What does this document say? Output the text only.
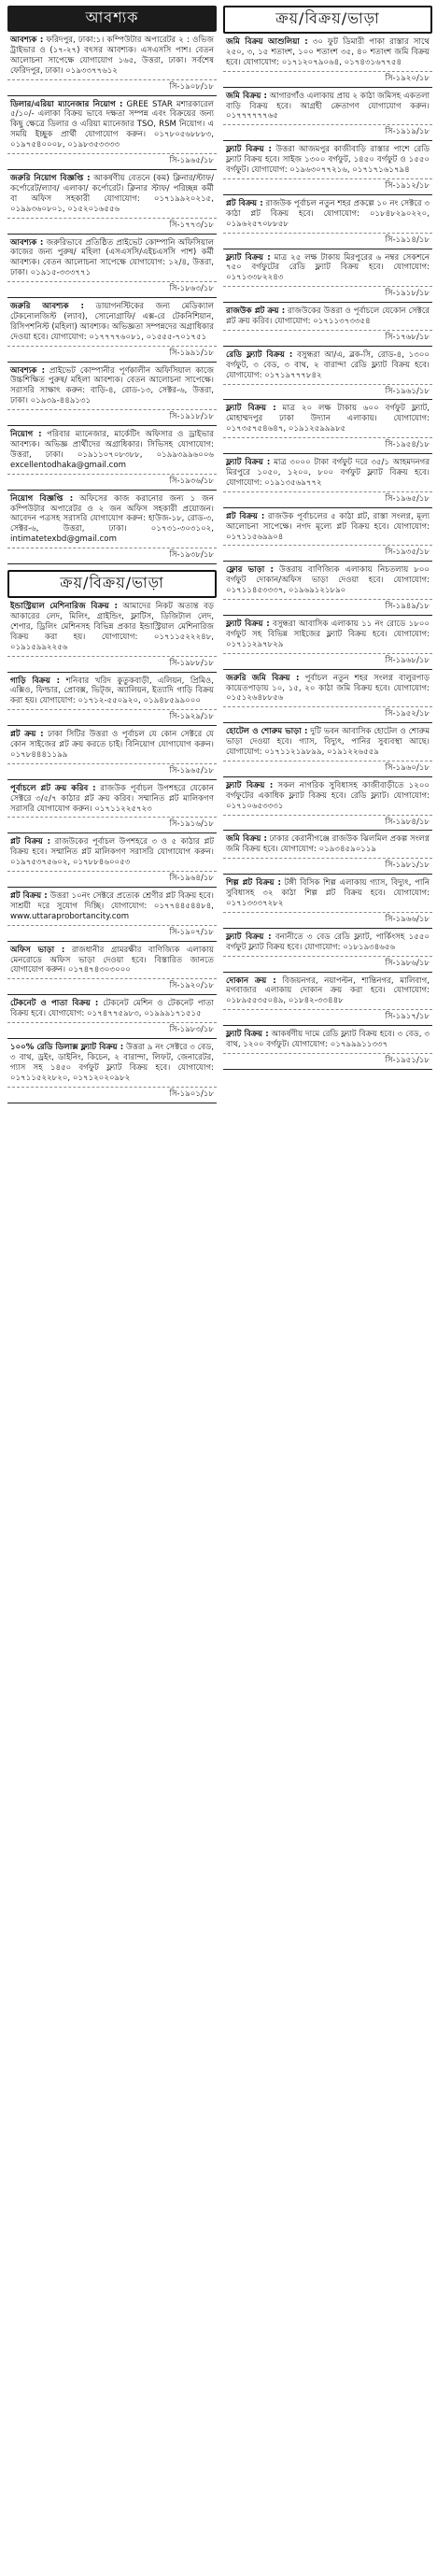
আবশ্যক
আবশ্যক : ফরিদপুর, ঢাকা:১। কম্পিউটার অপারেটর ২ : ওভিজ ট্রাইভার ও (১৭-২৭) বৎসর আবশ্যক। এসএসসি পাশ। বেতন আলোচনা সাপেক্ষে যোগাযোগ ১৬৫, উত্তরা, ঢাকা। সর্বশেষ ফেরিদপুর, ঢাকা। ০১৯৩৩৭৭৬১২
সি-১৯০৮/১৮
ডিলার/এরিয়া ম্যানেজার নিয়োগ : GREE STAR মশারকারেল ৫/১০/- এলাকা বিক্রয় ভাবে দক্ষতা সম্পন্ন এবং বিক্রয়ের জন্য কিছু ক্ষেত্রে ডিলার ও এরিয়া ম্যানেজার TSO, RSM নিয়োগ। এ সময়ি ইচ্ছুক প্রার্থী যোগাযোগ করুন। ০১৭৮০৫৬৮৮৮৩, ০১৯৭৫৪০০০৮, ০১৯৮৩৫৩৩৩৩
সি-১৯৬৫/১৮
জরুরি নিয়োগ বিজ্ঞপ্তি : আকর্ষণীয় বেতনে (কম) ক্লিনার/স্টাফ/কর্পোরেট/ল্যাব/ এলাকা/ কর্পোরেট। ক্লিনার স্টাফ/ পরিচ্ছন্ন কর্মী বা অফিস সহকারী যোগাযোগ: ০১৭১৯৯২০২১৫, ০১৯৯৩৬০৮০১, ০১৫২০১৬৫৫৬
সি-১৭৭৩/১৮
আবশ্যক : জরুরিভাবে প্রতিষ্ঠিত প্রাইভেট কোম্পানি অফিসিয়াল কাজের জন্য পুরুষ/ মহিলা (এসএসসি/এইচএসসি পাশ) কর্মী আবশ্যক। বেতন আলোচনা সাপেক্ষে যোগাযোগ: ১২/৪, উত্তরা, ঢাকা। ০১৯১৫-৩৩৩৭৭১
সি-১৮৬৩/১৮
জরুরি আবশ্যক : ডায়াগনস্টিকের জন্য মেডিক্যাল টেকনোলজিস্ট (ল্যাব), সোনোগ্রাফি/ এক্স-রে টেকনিশিয়ান, রিসিপশনিস্ট (মহিলা) আবশ্যক। অভিজ্ঞতা সম্পন্নদের অগ্রাধিকার দেওয়া হবে। যোগাযোগ: ০১৭৭৭৭৬০৮১, ০১৫৫৫-৭০১৭৫১
সি-১৯৯১/১৮
আবশ্যক : প্রাইভেট কোম্পানীর পূর্ণকালীন অফিসিয়াল কাজে উচ্চশিক্ষিত পুরুষ/ মহিলা আবশ্যক। বেতন আলোচনা সাপেক্ষে। সরাসরি সাক্ষাৎ করুন: বাড়ি-৪, রোড-১৩, সেক্টর-৬, উত্তরা, ঢাকা। ০১৯৩৯-৪৪৯১৩১
সি-১৯১৮/১৮
নিয়োগ : পরিবার ম্যানেজার, মার্কেটিং অফিসার ও ড্রাইভার আবশ্যক। অভিজ্ঞ প্রার্থীদের অগ্রাধিকার। সিভিসহ যোগাযোগ: উত্তরা, ঢাকা। ০১৯১১০৭০৮৩৮৮, ০১৯৯৩৯৯৬০০৬ excellentodhaka@gmail.com
সি-১৯৩৬/১৮
নিয়োগ বিজ্ঞপ্তি : অফিসের কাজ করানোর জন্য ১ জন কম্পিউটার অপারেটর ও ২ জন অফিস সহকারী প্রয়োজন। আবেদন পত্রসহ সরাসরি যোগাযোগ করুন: হাউজ-১৮, রোড-৩, সেক্টর-৬, উত্তরা, ঢাকা। ০১৭৩১-৩০৩১০২, intimatetexbd@gmail.com
সি-১৯৩৮/১৮
ক্রয়/বিক্রয়/ভাড়া
ইন্ডাস্ট্রিয়াল মেশিনারিজ বিক্রয় : আমাদের নিকট অত্যন্ত বড় আকারের লেদ, মিলিং, গ্রাইন্ডিং, ফ্লাটিস, ডিজিটাল লেদ, শেপার, ড্রিলিং মেশিনসহ বিভিন্ন প্রকার ইন্ডাস্ট্রিয়াল মেশিনারিজ বিক্রয় করা হয়। যোগাযোগ: ০১৭১১৫২২২৪৮, ০১৯১৫৯৯২২৫৬
সি-১৯৮৮/১৮
গাড়ি বিক্রয় : শনিবার খরিদ কুতুকবাড়ী, এলিয়ন, প্রিমিও, এক্সিও, ফিল্ডার, প্রোবক্স, ভিট্‌জ, অ্যালিয়ন, ইত্যাদি গাড়ি বিক্রয় করা হয়। যোগাযোগ: ০১৭১২-৫৫০৯২০, ০১৯৪৮৫৯৯০০০
সি-১৯২৯/১৮
প্লট ক্রয় : ঢাকা সিটির উত্তরা ও পূর্বাচল যে কোন সেক্টরে যে কোন সাইজের প্লট ক্রয় করতে চাই। বিনিয়োগ যোগাযোগ করুন। ০১৭৮৪৪৪১১৯৯
সি-১৯৬৫/১৮
পূর্বাচলে প্লট ক্রয় করিব : রাজউক পূর্বাচল উপশহরে যেকোন সেক্টরে ৩/৫/৭ কাঠার প্লট ক্রয় করিব। সম্মানিত প্লট মালিকগণ সরাসরি যোগাযোগ করুন। ০১৭১১২২৫৭২৩
সি-১৯১৬/১৮
প্লট বিক্রয় : রাজউকের পূর্বাচল উপশহরে ৩ ও ৫ কাঠার প্লট বিক্রয় হবে। সম্মানিত প্লট মালিকগণ সরাসরি যোগাযোগ করুন। ০১৯৭৫৩৭৫৬০২, ০১৭৮৮৪৬০০৫৩
সি-১৯৬৪/১৮
প্লট বিক্রয় : উত্তরা ১০নং সেক্টরে প্রত্যেক শ্রেণীর প্লট বিক্রয় হবে। সাশ্রয়ী দরে সুযোগ দিচ্ছি। যোগাযোগ: ০১৭৭৪৪৫৪৪৮৪, www.uttaraprobortancity.com
সি-১৯০৭/১৮
অফিস ভাড়া : রাজধানীর গ্রামরক্ষীর বাণিজ্যিক এলাকায় মেনরোডে অফিস ভাড়া দেওয়া হবে। বিস্তারিত জানতে যোগাযোগ করুন। ০১৭৪৭৪৩০৩০০০
সি-১৯২০/১৮
টেকনেট ও পাতা বিক্রয় : টেকনেট মেশিন ও টেকনেট পাতা বিক্রয় হবে। যোগাযোগ: ০১৭৪৭৭৫৯৮৩, ০১৯৯৯১৭১৫১৫
সি-১৯৮৩/১৮
১০০% রেডি ডিলাক্স ফ্ল্যাট বিক্রয় : উত্তরা ৯ নং সেক্টরে ৩ বেড, ৩ বাথ, ড্রইং, ডাইনিং, কিচেন, ২ বারান্দা, লিফট, জেনারেটর, গ্যাস সহ ১৪৫০ বর্গফুট ফ্ল্যাট বিক্রয় হবে। যোগাযোগ: ০১৭১১৫২২৮২০, ০১৭১২০২০৯৮২
সি-১৯০১/১৮
ক্রয়/বিক্রয়/ভাড়া
জমি বিক্রয় আশুলিয়া : ৩০ ফুট ডিমারী পাকা রাস্তার সাথে ২৫০, ৩, ১৫ শতাংশ, ১০০ শতাংশ ৩৫, ৪০ শতাংশ জমি বিক্রয় হবে। যোগাযোগ: ০১৭১২০৭৯০৬৪, ০১৭৪৩১৬৭৭৫৪
সি-১৯২০/১৮
জমি বিক্রয় : আগারগাঁও এলাকায় প্রায় ২ কাঠা জমিসহ একতলা বাড়ি বিক্রয় হবে। আগ্রহী ক্রেতাগণ যোগাযোগ করুন। ০১৭৭৭৭৭৭৬৫
সি-১৯১৯/১৮
ফ্ল্যাট বিক্রয় : উত্তরা আজমপুর কাজীবাড়ি রাস্তার পাশে রেডি ফ্ল্যাট বিক্রয় হবে। সাইজ ১৩০০ বর্গফুট, ১৪৫০ বর্গফুট ও ১৫৫০ বর্গফুট। যোগাযোগ: ০১৯৬৩০৭৭২১৬, ০১৭১৭১৬১৭৯৪
সি-১৯১২/১৮
প্লট বিক্রয় : রাজউক পূর্বাচল নতুন শহর প্রকল্পে ১০ নং সেক্টরে ৩ কাঠা প্লট বিক্রয় হবে। যোগাযোগ: ০১৮৪৮২৯০২২০, ০১৯৬২৫৭০৮৮৫৮
সি-১৯১৪/১৮
ফ্ল্যাট বিক্রয় : মাত্র ২৫ লক্ষ টাকায় মিরপুরের ৬ নম্বর সেকশনে ৭৫০ বর্গফুটের রেডি ফ্ল্যাট বিক্রয় হবে। যোগাযোগ: ০১৭১৩৩৮২২৪৩
সি-১৯১৮/১৮
রাজউক প্লট ক্রয় : রাজউকের উত্তরা ও পূর্বাচলে যেকোন সেক্টরে প্লট ক্রয় করিব। যোগাযোগ: ০১৭১১৩৭৩৩৫৪
সি-১৭৬৮/১৮
রেডি ফ্ল্যাট বিক্রয় : বসুন্ধরা আ/এ, ব্লক-সি, রোড-৪, ১৩০০ বর্গফুট, ৩ বেড, ৩ বাথ, ২ বারান্দা রেডি ফ্ল্যাট বিক্রয় হবে। যোগাযোগ: ০১৭১৯৭৭৭৮৪২
সি-১৯৬১/১৮
ফ্ল্যাট বিক্রয় : মাত্র ২০ লক্ষ টাকায় ৬০০ বর্গফুট ফ্ল্যাট, মোহাম্মদপুর ঢাকা উদ্যান এলাকায়। যোগাযোগ: ০১৭৩৫৭৫৪৬৪৭, ০১৯১২৫৯৯৯৮৫
সি-১৯৫৪/১৮
ফ্ল্যাট বিক্রয় : মাত্র ৩০০০ টাকা বর্গফুট দরে ৩৫/১ আহমদনগর মিরপুরে ১০৫০, ১২০০, ৮০০ বর্গফুট ফ্ল্যাট বিক্রয় হবে। যোগাযোগ: ০১৯১৩৫৬৯৭৭২
সি-১৯৬৫/১৮
প্লট বিক্রয় : রাজউক পূর্বাচলের ৫ কাঠা প্লট, রাস্তা সংলগ্ন, মূল্য আলোচনা সাপেক্ষে। নগদ মূল্যে প্লট বিক্রয় হবে। যোগাযোগ: ০১৭১১৫৬৯৯০৪
সি-১৯৩৫/১৮
ফ্লোর ভাড়া : উত্তরায় বাণিজ্যিক এলাকায় নিচতলায় ৮০০ বর্গফুট দোকান/অফিস ভাড়া দেওয়া হবে। যোগাযোগ: ০১৭১১৪৫৩৩৩৭, ০১৯৬৯১২১৮৯০
সি-১৯৪৯/১৮
ফ্ল্যাট বিক্রয় : বসুন্ধরা আবাসিক এলাকায় ১১ নং রোডে ১৮০০ বর্গফুট সহ বিভিন্ন সাইজের ফ্ল্যাট বিক্রয় হবে। যোগাযোগ: ০১৭১১২৯৭৮২৯
সি-১৯৬৮/১৮
জরুরি জমি বিক্রয় : পূর্বাচল নতুন শহর সংলগ্ন বালুরপাড় কায়েতপাড়ায় ১০, ১৫, ২০ কাঠা জমি বিক্রয় হবে। যোগাযোগ: ০১৫১২৬৪৮৮৫৬
সি-১৯৫২/১৮
হোটেল ও শোরুম ভাড়া : দুটি ভবন আবাসিক হোটেল ও শোরুম ভাড়া দেওয়া হবে। গ্যাস, বিদ্যুৎ, পানির সুব্যবস্থা আছে। যোগাযোগ: ০১৭১১২১৯৮৯৯, ০১৯১২২৬৫৫৯
সি-১৯৬০/১৮
ফ্ল্যাট বিক্রয় : সকল নাগরিক সুবিধাসহ কাজীবাড়ীতে ১২০০ বর্গফুটের একাধিক ফ্ল্যাট বিক্রয় হবে। রেডি ফ্ল্যাট। যোগাযোগ: ০১৭১০৬৫৩৩৩১
সি-১৯৮৪/১৮
জমি বিক্রয় : ঢাকার কেরানীগঞ্জে রাজউক ঝিলমিল প্রকল্প সংলগ্ন জমি বিক্রয় হবে। যোগাযোগ: ০১৯৩৪৫৯০১১৯
সি-১৯৮১/১৮
শিল্প প্লট বিক্রয় : টঙ্গী বিসিক শিল্প এলাকায় গ্যাস, বিদ্যুৎ, পানি সুবিধাসহ ৩২ কাঠা শিল্প প্লট বিক্রয় হবে। যোগাযোগ: ০১৭১৩৩৩৭২৮২
সি-১৯৬৬/১৮
ফ্ল্যাট বিক্রয় : বনানীতে ৩ বেড রেডি ফ্ল্যাট, পার্কিংসহ ১৫৫০ বর্গফুট ফ্ল্যাট বিক্রয় হবে। যোগাযোগ: ০১৮১৯৩৪৬৫৬
সি-১৯৮৬/১৮
দোকান ক্রয় : বিজয়নগর, নয়াপল্টন, শান্তিনগর, মালিবাগ, মগবাজার এলাকায় দোকান ক্রয় করা হবে। যোগাযোগ: ০১৮৯৫৫৩৫০৪৯, ০১৮৪২-৩৩৪৪৮
সি-১৯১৭/১৮
ফ্ল্যাট বিক্রয় : আকর্ষণীয় দামে রেডি ফ্ল্যাট বিক্রয় হবে। ৩ বেড, ৩ বাথ, ১২০০ বর্গফুট। যোগাযোগ: ০১৭৯৯৯১১৩৩৭
সি-১৯৫১/১৮
